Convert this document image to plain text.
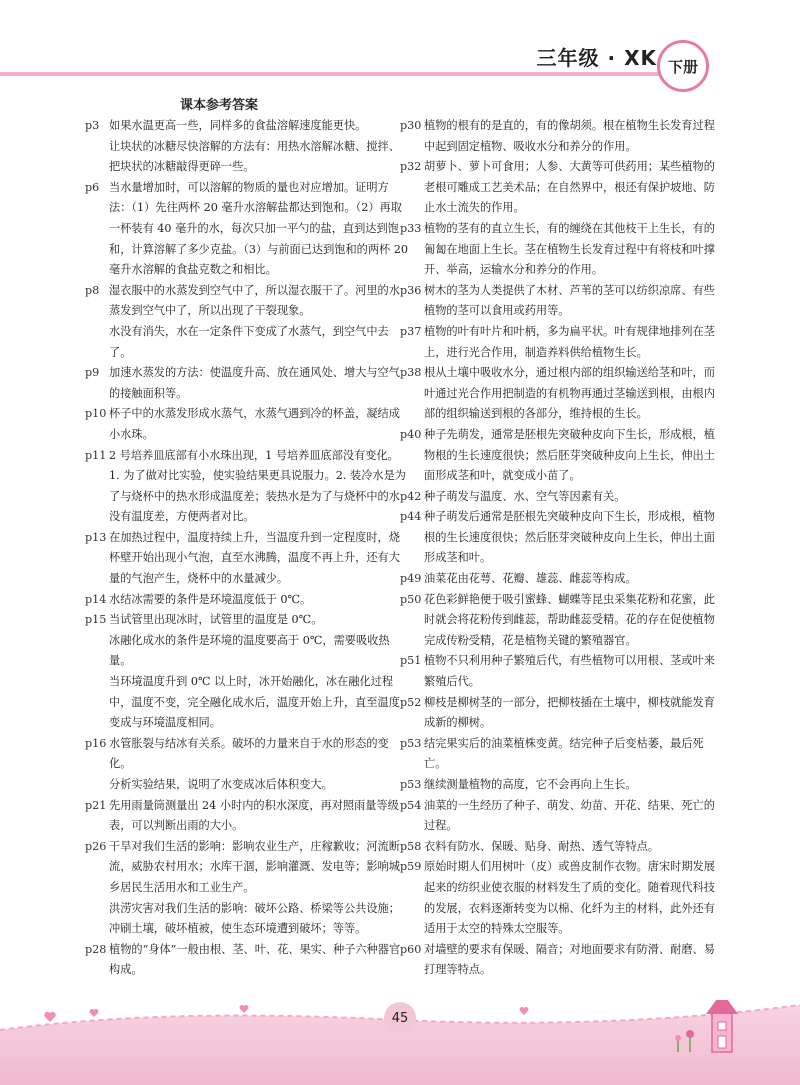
三年级 · XK 下册
课本参考答案
p3 如果水温更高一些，同样多的食盐溶解速度能更快。
让块状的冰糖尽快溶解的方法有：用热水溶解冰糖、搅拌、把块状的冰糖敲得更碎一些。
p6 当水量增加时，可以溶解的物质的量也对应增加。证明方法：（1）先往两杯 20 毫升水溶解盐都达到饱和。（2）再取一杯装有 40 毫升的水，每次只加一平勺的盐，直到达到饱和，计算溶解了多少克盐。（3）与前面已达到饱和的两杯 20 毫升水溶解的食盐克数之和相比。
p8 湿衣服中的水蒸发到空气中了，所以湿衣服干了。河里的水蒸发到空气中了，所以出现了干裂现象。
水没有消失，水在一定条件下变成了水蒸气，到空气中去了。
p9 加速水蒸发的方法：使温度升高、放在通风处、增大与空气的接触面积等。
p10 杯子中的水蒸发形成水蒸气，水蒸气遇到冷的杯盖，凝结成小水珠。
p11 2 号培养皿底部有小水珠出现，1 号培养皿底部没有变化。
1. 为了做对比实验，使实验结果更具说服力。2. 装冷水是为了与烧杯中的热水形成温度差；装热水是为了与烧杯中的水没有温度差，方便两者对比。
p13 在加热过程中，温度持续上升，当温度升到一定程度时，烧杯壁开始出现小气泡，直至水沸腾，温度不再上升，还有大量的气泡产生，烧杯中的水量减少。
p14 水结冰需要的条件是环境温度低于 0℃。
p15 当试管里出现冰时，试管里的温度是 0℃。
冰融化成水的条件是环境的温度要高于 0℃，需要吸收热量。
当环境温度升到 0℃ 以上时，冰开始融化，冰在融化过程中，温度不变，完全融化成水后，温度开始上升，直至温度变成与环境温度相同。
p16 水管胀裂与结冰有关系。破坏的力量来自于水的形态的变化。
分析实验结果，说明了水变成冰后体积变大。
p21 先用雨量筒测量出 24 小时内的积水深度，再对照雨量等级表，可以判断出雨的大小。
p26 干旱对我们生活的影响：影响农业生产，庄稼歉收；河流断流，威胁农村用水；水库干涸，影响灌溉、发电等；影响城乡居民生活用水和工业生产。
洪涝灾害对我们生活的影响：破坏公路、桥梁等公共设施；冲刷土壤，破坏植被，使生态环境遭到破坏；等等。
p28 植物的“身体”一般由根、茎、叶、花、果实、种子六种器官构成。
p30 植物的根有的是直的，有的像胡须。根在植物生长发育过程中起到固定植物、吸收水分和养分的作用。
p32 胡萝卜、萝卜可食用；人参、大黄等可供药用；某些植物的老根可雕成工艺美术品；在自然界中，根还有保护坡地、防止水土流失的作用。
p33 植物的茎有的直立生长，有的缠绕在其他枝干上生长，有的匍匐在地面上生长。茎在植物生长发育过程中有将枝和叶撑开、举高，运输水分和养分的作用。
p36 树木的茎为人类提供了木材、芦苇的茎可以纺织凉席、有些植物的茎可以食用或药用等。
p37 植物的叶有叶片和叶柄，多为扁平状。叶有规律地排列在茎上，进行光合作用，制造养料供给植物生长。
p38 根从土壤中吸收水分，通过根内部的组织输送给茎和叶，而叶通过光合作用把制造的有机物再通过茎输送到根，由根内部的组织输送到根的各部分，维持根的生长。
p40 种子先萌发，通常是胚根先突破种皮向下生长，形成根，植物根的生长速度很快；然后胚芽突破种皮向上生长，伸出土面形成茎和叶，就变成小苗了。
p42 种子萌发与温度、水、空气等因素有关。
p44 种子萌发后通常是胚根先突破种皮向下生长，形成根，植物根的生长速度很快；然后胚芽突破种皮向上生长，伸出土面形成茎和叶。
p49 油菜花由花萼、花瓣、雄蕊、雌蕊等构成。
p50 花色彩鲜艳便于吸引蜜蜂、蝴蝶等昆虫采集花粉和花蜜，此时就会将花粉传到雌蕊，帮助雌蕊受精。花的存在促使植物完成传粉受精，花是植物关键的繁殖器官。
p51 植物不只利用种子繁殖后代，有些植物可以用根、茎或叶来繁殖后代。
p52 柳枝是柳树茎的一部分，把柳枝插在土壤中，柳枝就能发育成新的柳树。
p53 结完果实后的油菜植株变黄。结完种子后变枯萎，最后死亡。
p53 继续测量植物的高度，它不会再向上生长。
p54 油菜的一生经历了种子、萌发、幼苗、开花、结果、死亡的过程。
p58 衣料有防水、保暖、贴身、耐热、透气等特点。
p59 原始时期人们用树叶（皮）或兽皮制作衣物。唐宋时期发展起来的纺织业使衣服的材料发生了质的变化。随着现代科技的发展，衣料逐渐转变为以棉、化纤为主的材料，此外还有适用于太空的特殊太空服等。
p60 对墙壁的要求有保暖、隔音；对地面要求有防滑、耐磨、易打理等特点。
45
